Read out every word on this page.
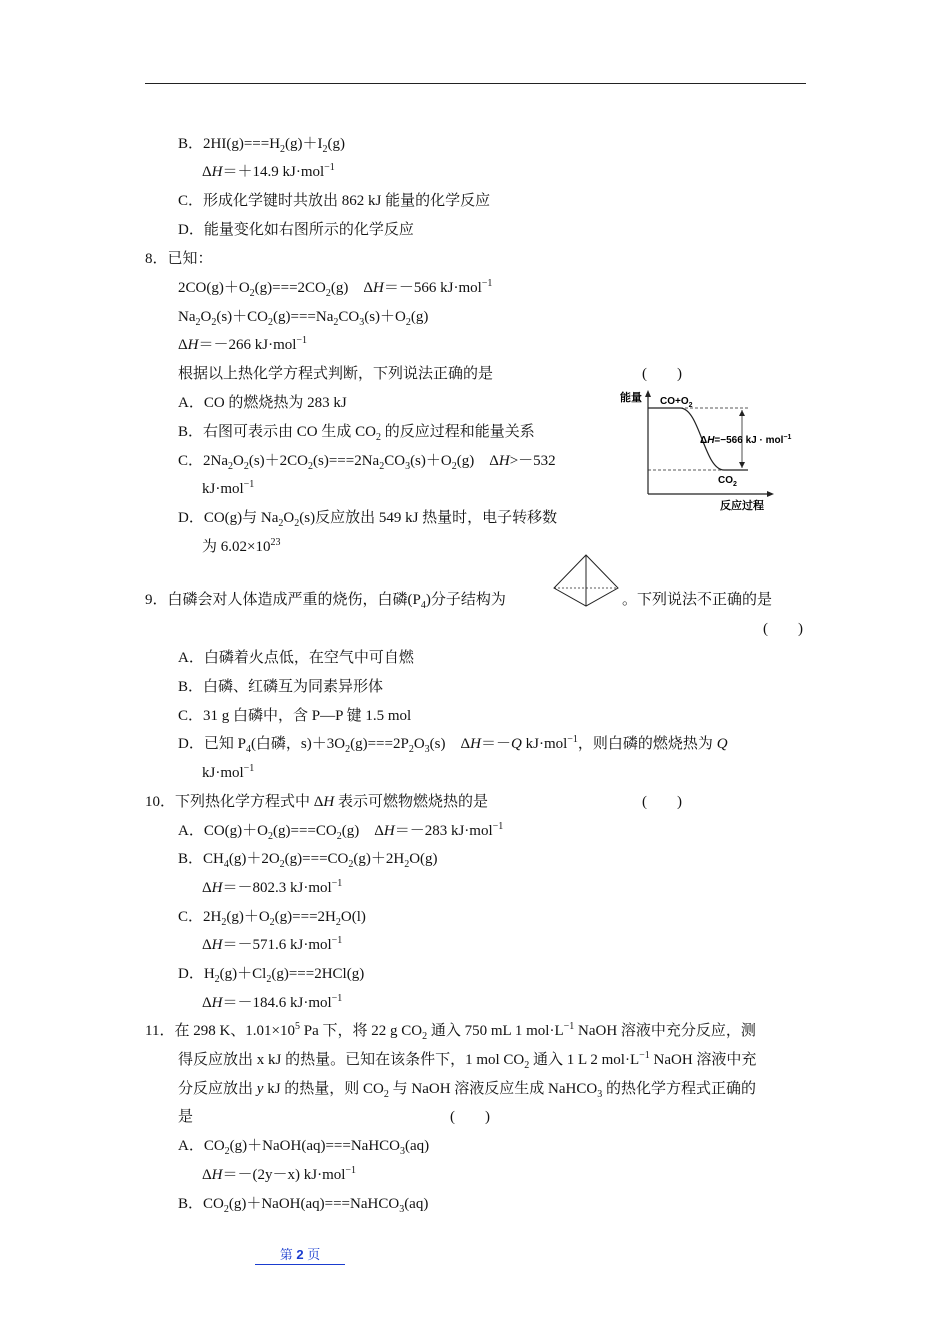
B．$2HI(g)===H_2(g)+I_2(g)$
ΔH＝＋14.9 kJ·mol$^{-1}$
C．形成化学键时共放出 862 kJ 能量的化学反应
D．能量变化如右图所示的化学反应
8．已知：
$2CO(g)+O_2(g)===2CO_2(g)$    ΔH＝－566 kJ·mol$^{-1}$
$Na_2O_2(s)+CO_2(g)===Na_2CO_3(s)+O_2(g)$
ΔH＝－266 kJ·mol$^{-1}$
根据以上热化学方程式判断，下列说法正确的是	(　　)
A．CO 的燃烧热为 283 kJ
B．右图可表示由 CO 生成 $CO_2$ 的反应过程和能量关系
C．$2Na_2O_2(s)+2CO_2(s)===2Na_2CO_3(s)+O_2(g)$    ΔH>－532
kJ·mol$^{-1}$
D．CO(g)与 $Na_2O_2(s)$反应放出 549 kJ 热量时，电子转移数
为 $6.02\times 10^{23}$
能量 $CO+O_2$
ΔH=−566 kJ · mol$^{-1}$
$CO_2$
反应过程
9．白磷会对人体造成严重的烧伤，白磷$(P_4)$分子结构为	。下列说法不正确的是
(　　)
A．白磷着火点低，在空气中可自燃
B．白磷、红磷互为同素异形体
C．31 g 白磷中，含 P—P 键 1.5 mol
D．已知 $P_4$(白磷，$s)+3O_2(g)===2P_2O_3(s)$    ΔH＝－Q kJ·mol$^{-1}$，则白磷的燃烧热为 Q
kJ·mol$^{-1}$
10．下列热化学方程式中 ΔH 表示可燃物燃烧热的是	(　　)
A．$CO(g)+O_2(g)===CO_2(g)$    ΔH＝－283 kJ·mol$^{-1}$
B．$CH_4(g)+2O_2(g)===CO_2(g)+2H_2O(g)$
ΔH＝－802.3 kJ·mol$^{-1}$
C．$2H_2(g)+O_2(g)===2H_2O(l)$
ΔH＝－571.6 kJ·mol$^{-1}$
D．$H_2(g)+Cl_2(g)===2HCl(g)$
ΔH＝－184.6 kJ·mol$^{-1}$
11．在 298 K、$1.01\times 10^5$ Pa 下，将 22 g $CO_2$ 通入 750 mL 1 $mol\cdot L^{-1}$ NaOH 溶液中充分反应，测
得反应放出 x kJ 的热量。已知在该条件下，1 mol $CO_2$ 通入 1 L 2 $mol\cdot L^{-1}$ NaOH 溶液中充
分反应放出 y kJ 的热量，则 $CO_2$ 与 NaOH 溶液反应生成 NaHCO$_3$ 的热化学方程式正确的
是	(　　)
A．$CO_2(g)+NaOH(aq)===NaHCO_3(aq)$
ΔH＝－(2y－x) kJ·mol$^{-1}$
B．$CO_2(g)+NaOH(aq)===NaHCO_3(aq)$
第 2 页
